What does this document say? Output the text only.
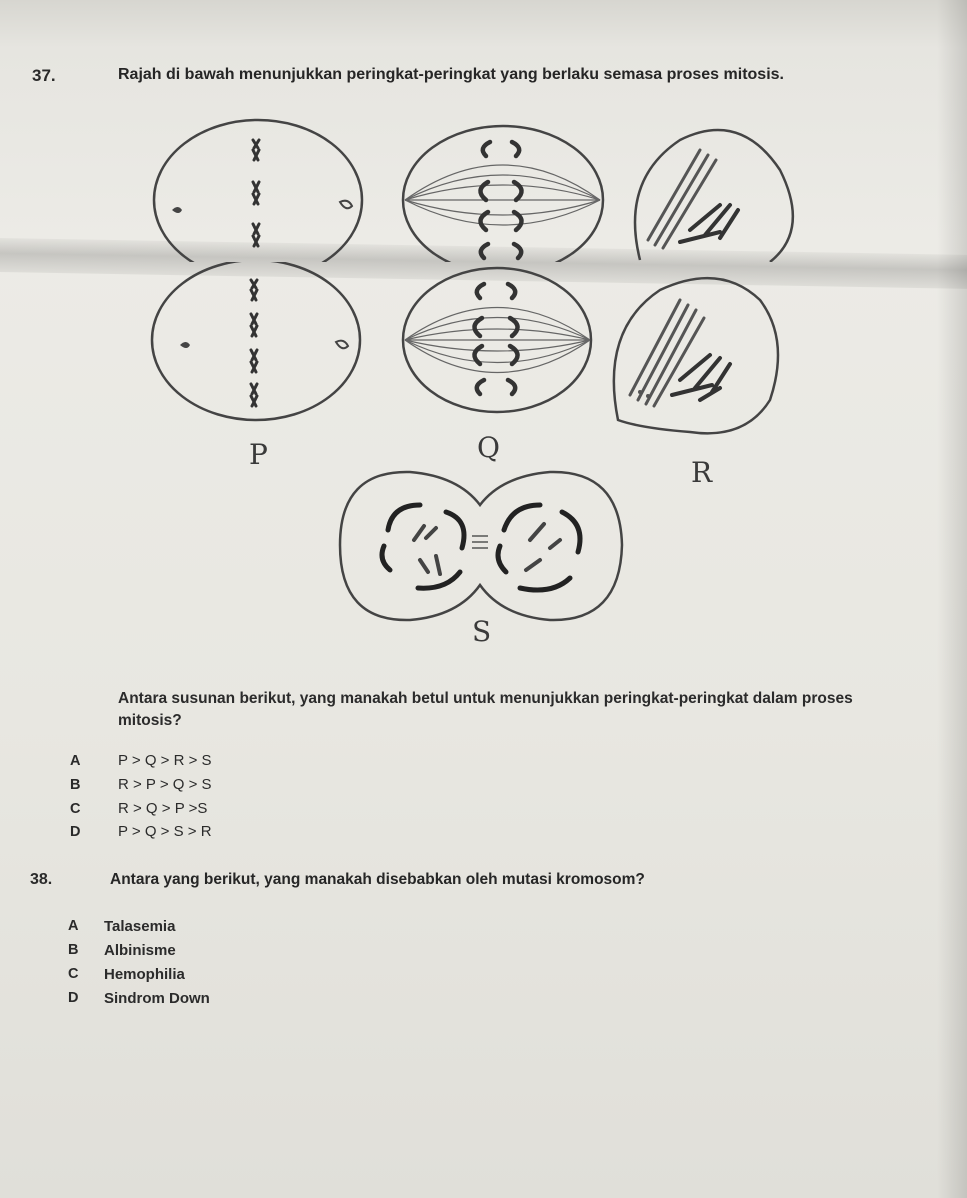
37.	Rajah di bawah menunjukkan peringkat-peringkat yang berlaku semasa proses mitosis.
P	Q
R
S
Antara susunan berikut, yang manakah betul untuk menunjukkan peringkat-peringkat dalam proses mitosis?
A	P > Q > R > S
B	R > P > Q > S
C	R > Q > P >S
D	P > Q > S > R
38.	Antara yang berikut, yang manakah disebabkan oleh mutasi kromosom?
A Talasemia
B Albinisme
C Hemophilia
D Sindrom Down
